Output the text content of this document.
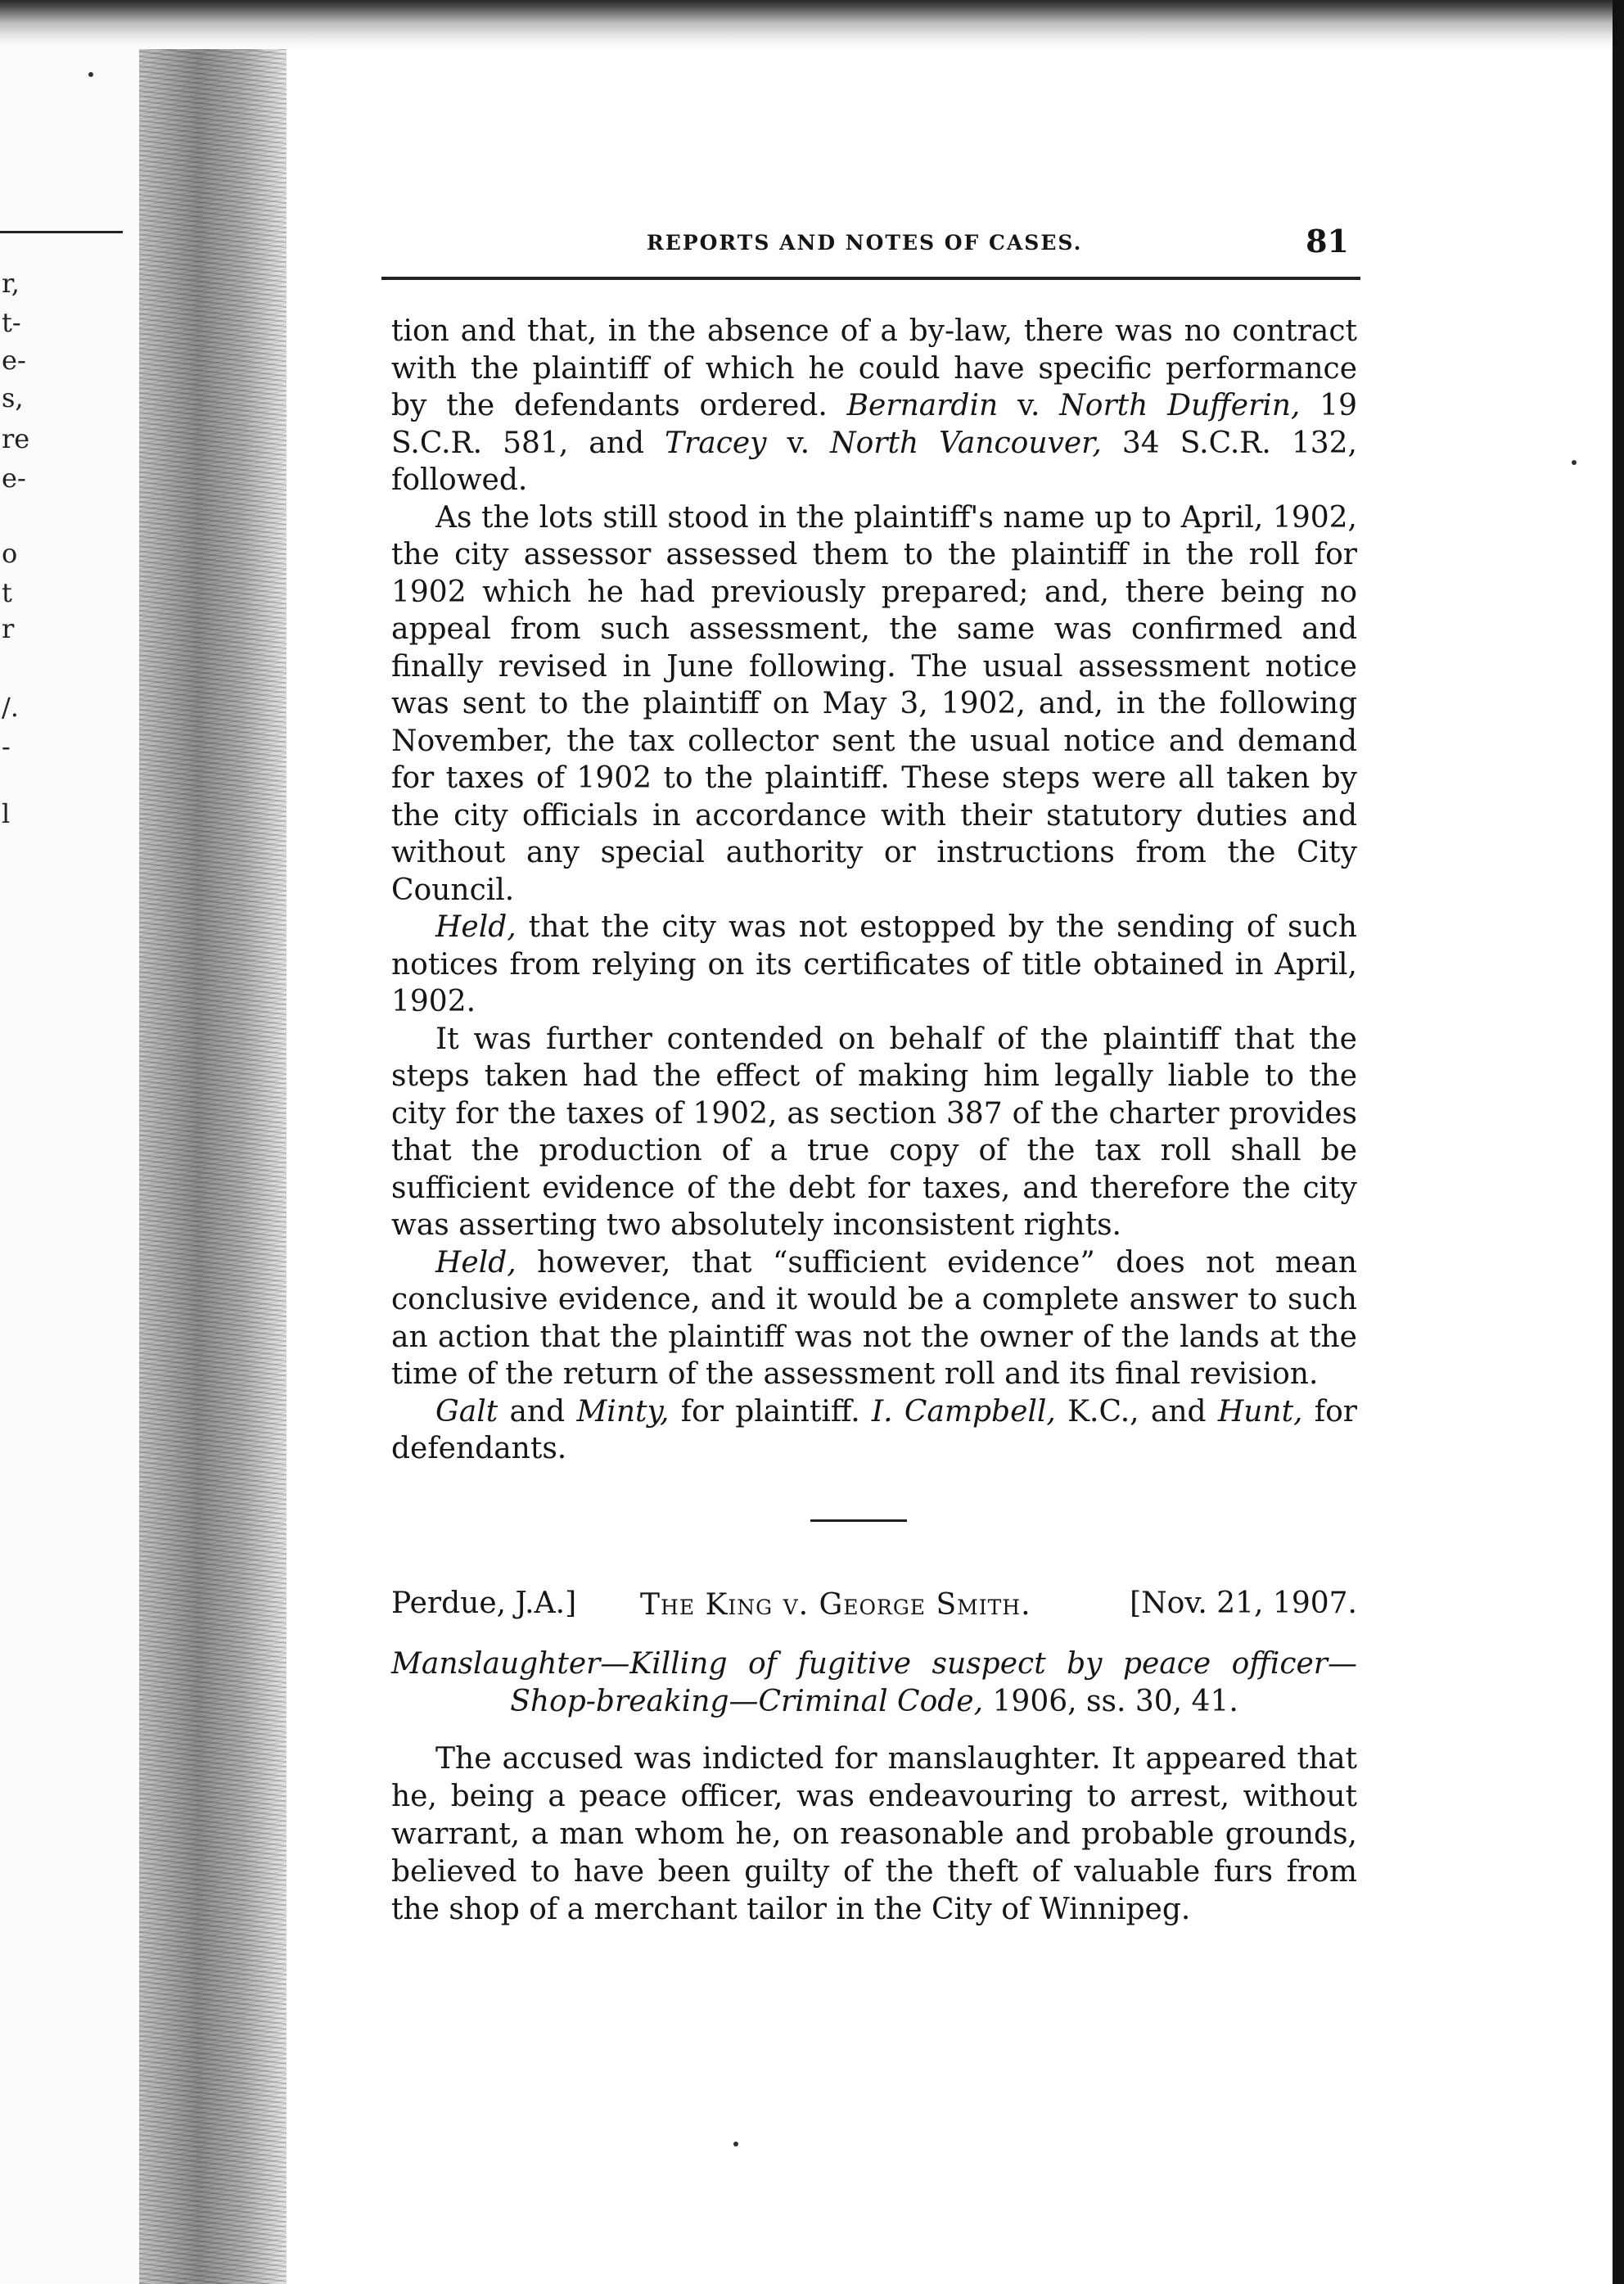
r,
t-
e-
s,
re
e-
o
t
r
/.
-
l
REPORTS AND NOTES OF CASES.	81

tion and that, in the absence of a by-law, there was no contract with the plaintiff of which he could have specific performance by the defendants ordered. Bernardin v. North Dufferin, 19 S.C.R. 581, and Tracey v. North Vancouver, 34 S.C.R. 132, followed.

As the lots still stood in the plaintiff's name up to April, 1902, the city assessor assessed them to the plaintiff in the roll for 1902 which he had previously prepared; and, there being no appeal from such assessment, the same was confirmed and finally revised in June following. The usual assessment notice was sent to the plaintiff on May 3, 1902, and, in the following November, the tax collector sent the usual notice and demand for taxes of 1902 to the plaintiff. These steps were all taken by the city officials in accordance with their statutory duties and without any special authority or instructions from the City Council.

Held, that the city was not estopped by the sending of such notices from relying on its certificates of title obtained in April, 1902.

It was further contended on behalf of the plaintiff that the steps taken had the effect of making him legally liable to the city for the taxes of 1902, as section 387 of the charter provides that the production of a true copy of the tax roll shall be sufficient evidence of the debt for taxes, and therefore the city was asserting two absolutely inconsistent rights.

Held, however, that “sufficient evidence” does not mean conclusive evidence, and it would be a complete answer to such an action that the plaintiff was not the owner of the lands at the time of the return of the assessment roll and its final revision.

Galt and Minty, for plaintiff. I. Campbell, K.C., and Hunt, for defendants.

Perdue, J.A.] The King v. George Smith.	[Nov. 21, 1907.
Manslaughter—Killing of fugitive suspect by peace officer—
Shop-breaking—Criminal Code, 1906, ss. 30, 41.

The accused was indicted for manslaughter. It appeared that he, being a peace officer, was endeavouring to arrest, without warrant, a man whom he, on reasonable and probable grounds, believed to have been guilty of the theft of valuable furs from the shop of a merchant tailor in the City of Winnipeg.
